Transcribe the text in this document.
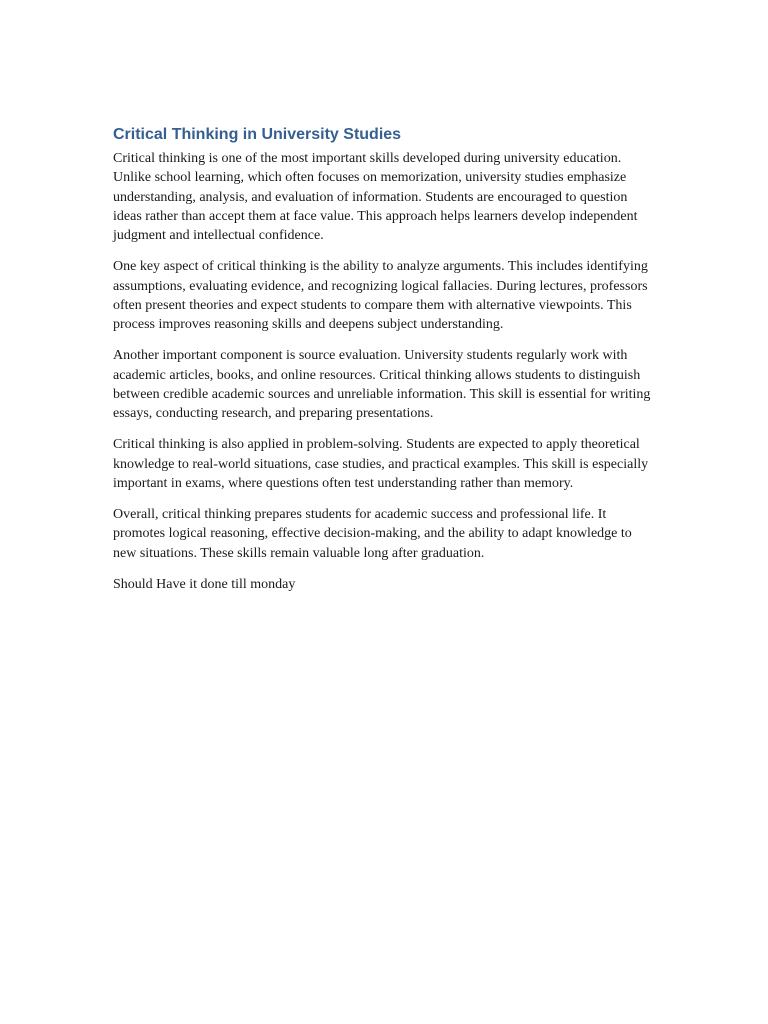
Critical Thinking in University Studies

Critical thinking is one of the most important skills developed during university education. Unlike school learning, which often focuses on memorization, university studies emphasize understanding, analysis, and evaluation of information. Students are encouraged to question ideas rather than accept them at face value. This approach helps learners develop independent judgment and intellectual confidence.

One key aspect of critical thinking is the ability to analyze arguments. This includes identifying assumptions, evaluating evidence, and recognizing logical fallacies. During lectures, professors often present theories and expect students to compare them with alternative viewpoints. This process improves reasoning skills and deepens subject understanding.

Another important component is source evaluation. University students regularly work with academic articles, books, and online resources. Critical thinking allows students to distinguish between credible academic sources and unreliable information. This skill is essential for writing essays, conducting research, and preparing presentations.

Critical thinking is also applied in problem-solving. Students are expected to apply theoretical knowledge to real-world situations, case studies, and practical examples. This skill is especially important in exams, where questions often test understanding rather than memory.

Overall, critical thinking prepares students for academic success and professional life. It promotes logical reasoning, effective decision-making, and the ability to adapt knowledge to new situations. These skills remain valuable long after graduation.

Should Have it done till monday
